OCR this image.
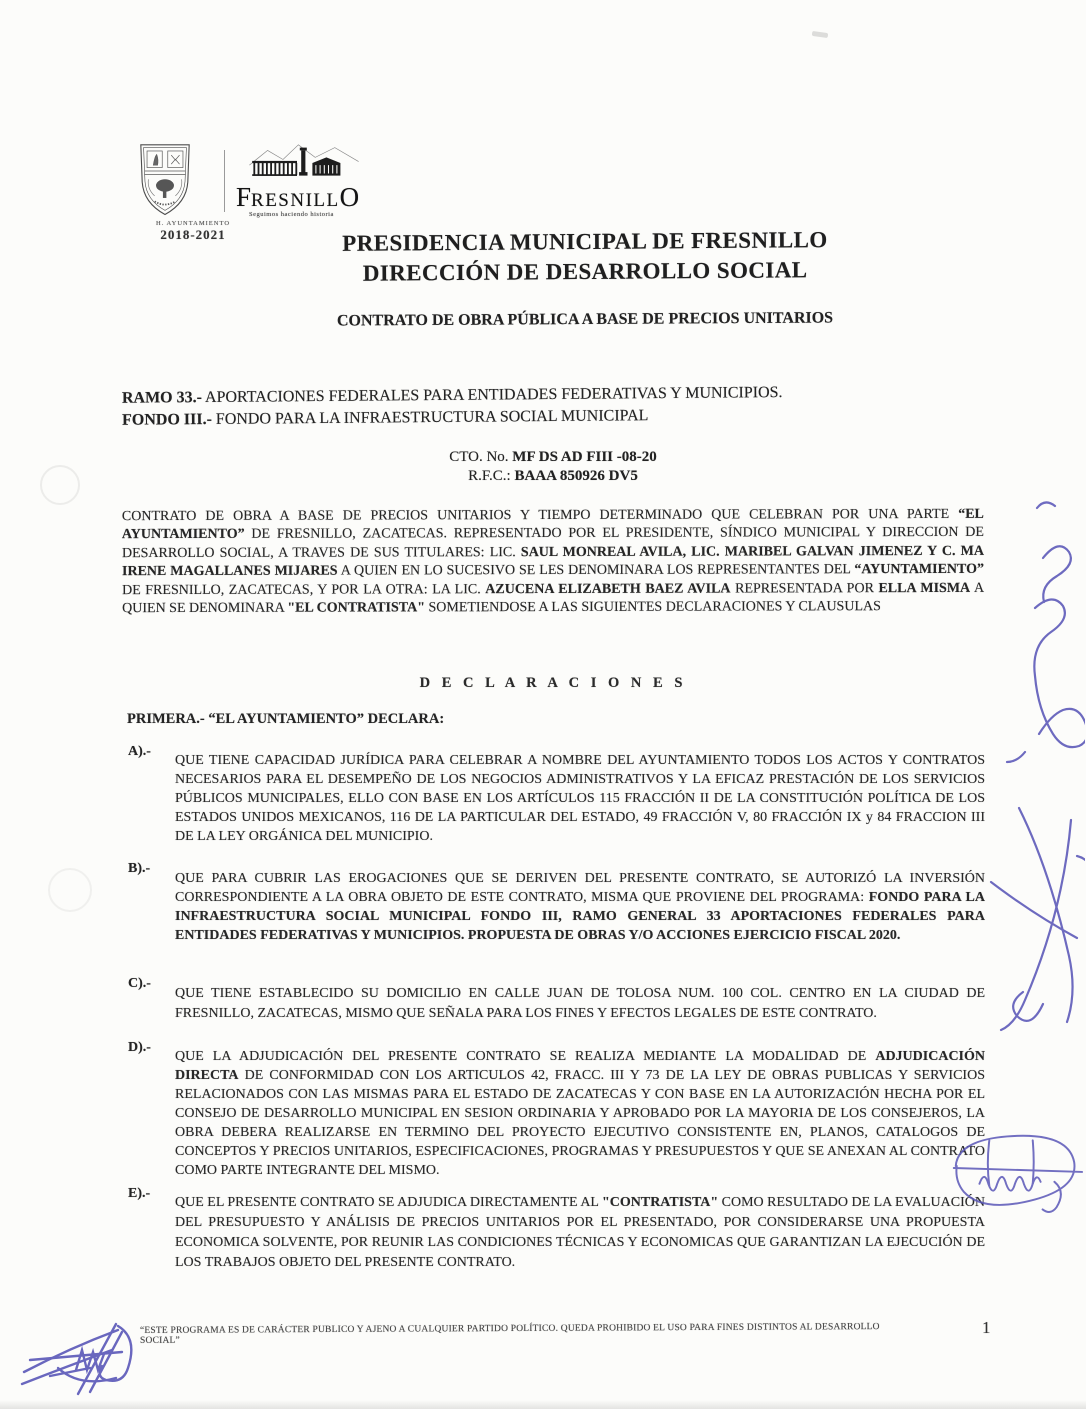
H. AYUNTAMIENTO
2018-2021
FRESNILLO
Seguimos haciendo historia
PRESIDENCIA MUNICIPAL DE FRESNILLO
DIRECCIÓN DE DESARROLLO SOCIAL
CONTRATO DE OBRA PÚBLICA A BASE DE PRECIOS UNITARIOS
RAMO 33.- APORTACIONES FEDERALES PARA ENTIDADES FEDERATIVAS Y MUNICIPIOS.
FONDO III.- FONDO PARA LA INFRAESTRUCTURA SOCIAL MUNICIPAL
CTO. No. MF DS AD FIII -08-20
R.F.C.: BAAA 850926 DV5
CONTRATO DE OBRA A BASE DE PRECIOS UNITARIOS Y TIEMPO DETERMINADO QUE CELEBRAN POR UNA PARTE “EL AYUNTAMIENTO” DE FRESNILLO, ZACATECAS. REPRESENTADO POR EL PRESIDENTE, SÍNDICO MUNICIPAL Y DIRECCION DE DESARROLLO SOCIAL, A TRAVES DE SUS TITULARES: LIC. SAUL MONREAL AVILA, LIC. MARIBEL GALVAN JIMENEZ Y C. MA IRENE MAGALLANES MIJARES A QUIEN EN LO SUCESIVO SE LES DENOMINARA LOS REPRESENTANTES DEL “AYUNTAMIENTO” DE FRESNILLO, ZACATECAS, Y POR LA OTRA: LA LIC. AZUCENA ELIZABETH BAEZ AVILA REPRESENTADA POR ELLA MISMA A QUIEN SE DENOMINARA "EL CONTRATISTA" SOMETIENDOSE A LAS SIGUIENTES DECLARACIONES Y CLAUSULAS
D E C L A R A C I O N E S
PRIMERA.- “EL AYUNTAMIENTO” DECLARA:
A).-
QUE TIENE CAPACIDAD JURÍDICA PARA CELEBRAR A NOMBRE DEL AYUNTAMIENTO TODOS LOS ACTOS Y CONTRATOS NECESARIOS PARA EL DESEMPEÑO DE LOS NEGOCIOS ADMINISTRATIVOS Y LA EFICAZ PRESTACIÓN DE LOS SERVICIOS PÚBLICOS MUNICIPALES, ELLO CON BASE EN LOS ARTÍCULOS 115 FRACCIÓN II DE LA CONSTITUCIÓN POLÍTICA DE LOS ESTADOS UNIDOS MEXICANOS, 116 DE LA PARTICULAR DEL ESTADO, 49 FRACCIÓN V, 80 FRACCIÓN IX y 84 FRACCION III DE LA LEY ORGÁNICA DEL MUNICIPIO.
B).-
QUE PARA CUBRIR LAS EROGACIONES QUE SE DERIVEN DEL PRESENTE CONTRATO, SE AUTORIZÓ LA INVERSIÓN CORRESPONDIENTE A LA OBRA OBJETO DE ESTE CONTRATO, MISMA QUE PROVIENE DEL PROGRAMA: FONDO PARA LA INFRAESTRUCTURA SOCIAL MUNICIPAL FONDO III, RAMO GENERAL 33 APORTACIONES FEDERALES PARA ENTIDADES FEDERATIVAS Y MUNICIPIOS. PROPUESTA DE OBRAS Y/O ACCIONES EJERCICIO FISCAL 2020.
C).-
QUE TIENE ESTABLECIDO SU DOMICILIO EN CALLE JUAN DE TOLOSA NUM. 100 COL. CENTRO EN LA CIUDAD DE FRESNILLO, ZACATECAS, MISMO QUE SEÑALA PARA LOS FINES Y EFECTOS LEGALES DE ESTE CONTRATO.
D).-
QUE LA ADJUDICACIÓN DEL PRESENTE CONTRATO SE REALIZA MEDIANTE LA MODALIDAD DE ADJUDICACIÓN DIRECTA DE CONFORMIDAD CON LOS ARTICULOS 42, FRACC. III Y 73 DE LA LEY DE OBRAS PUBLICAS Y SERVICIOS RELACIONADOS CON LAS MISMAS PARA EL ESTADO DE ZACATECAS Y CON BASE EN LA AUTORIZACIÓN HECHA POR EL CONSEJO DE DESARROLLO MUNICIPAL EN SESION ORDINARIA Y APROBADO POR LA MAYORIA DE LOS CONSEJEROS, LA OBRA DEBERA REALIZARSE EN TERMINO DEL PROYECTO EJECUTIVO CONSISTENTE EN, PLANOS, CATALOGOS DE CONCEPTOS Y PRECIOS UNITARIOS, ESPECIFICACIONES, PROGRAMAS Y PRESUPUESTOS Y QUE SE ANEXAN AL CONTRATO COMO PARTE INTEGRANTE DEL MISMO.
E).-
QUE EL PRESENTE CONTRATO SE ADJUDICA DIRECTAMENTE AL "CONTRATISTA" COMO RESULTADO DE LA EVALUACIÓN DEL PRESUPUESTO Y ANÁLISIS DE PRECIOS UNITARIOS POR EL PRESENTADO, POR CONSIDERARSE UNA PROPUESTA ECONOMICA SOLVENTE, POR REUNIR LAS CONDICIONES TÉCNICAS Y ECONOMICAS QUE GARANTIZAN LA EJECUCIÓN DE LOS TRABAJOS OBJETO DEL PRESENTE CONTRATO.
“ESTE PROGRAMA ES DE CARÁCTER PUBLICO Y AJENO A CUALQUIER PARTIDO POLÍTICO. QUEDA PROHIBIDO EL USO PARA FINES DISTINTOS AL DESARROLLO SOCIAL”
1
